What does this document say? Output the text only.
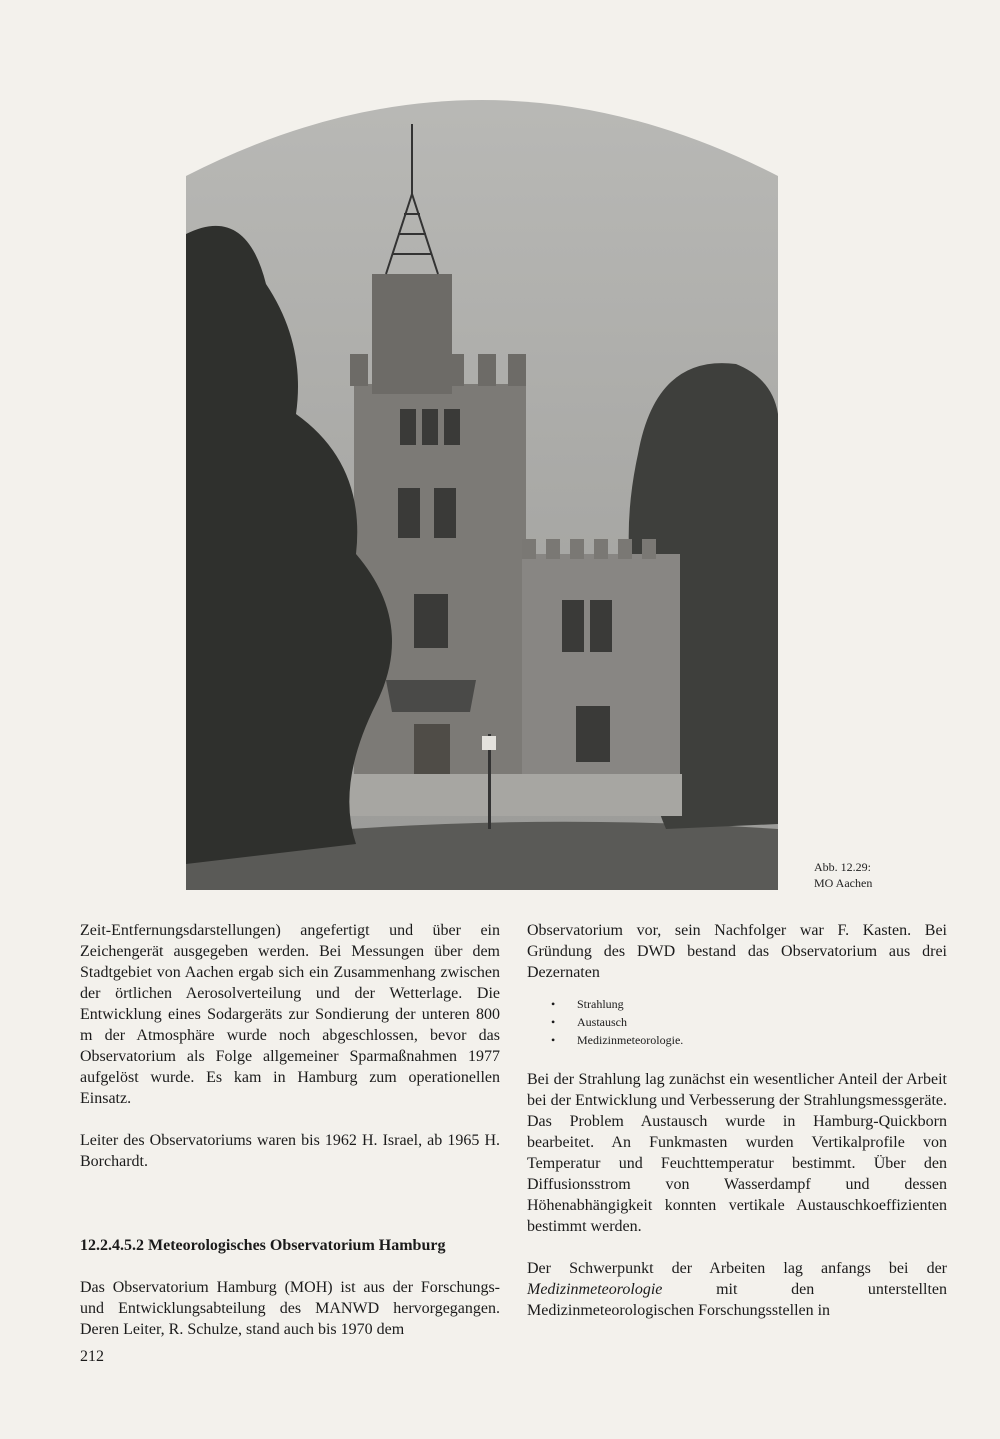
Abb. 12.29:
MO Aachen

Zeit-Entfernungsdarstellungen) angefertigt und über ein Zeichengerät ausgegeben werden. Bei Messungen über dem Stadtgebiet von Aachen ergab sich ein Zusammenhang zwischen der örtlichen Aerosolverteilung und der Wetterlage. Die Entwicklung eines Sodargeräts zur Sondierung der unteren 800 m der Atmosphäre wurde noch abgeschlossen, bevor das Observatorium als Folge allgemeiner Sparmaßnahmen 1977 aufgelöst wurde. Es kam in Hamburg zum operationellen Einsatz.

Leiter des Observatoriums waren bis 1962 H. Israel, ab 1965 H. Borchardt.

12.2.4.5.2 Meteorologisches Observatorium Hamburg

Das Observatorium Hamburg (MOH) ist aus der Forschungs- und Entwicklungsabteilung des MANWD hervorgegangen. Deren Leiter, R. Schulze, stand auch bis 1970 dem

Observatorium vor, sein Nachfolger war F. Kasten. Bei Gründung des DWD bestand das Observatorium aus drei Dezernaten

• Strahlung
• Austausch
• Medizinmeteorologie.

Bei der Strahlung lag zunächst ein wesentlicher Anteil der Arbeit bei der Entwicklung und Verbesserung der Strahlungsmessgeräte. Das Problem Austausch wurde in Hamburg-Quickborn bearbeitet. An Funkmasten wurden Vertikalprofile von Temperatur und Feuchttemperatur bestimmt. Über den Diffusionsstrom von Wasserdampf und dessen Höhenabhängigkeit konnten vertikale Austauschkoeffizienten bestimmt werden.

Der Schwerpunkt der Arbeiten lag anfangs bei der Medizinmeteorologie mit den unterstellten Medizinmeteorologischen Forschungsstellen in

212
